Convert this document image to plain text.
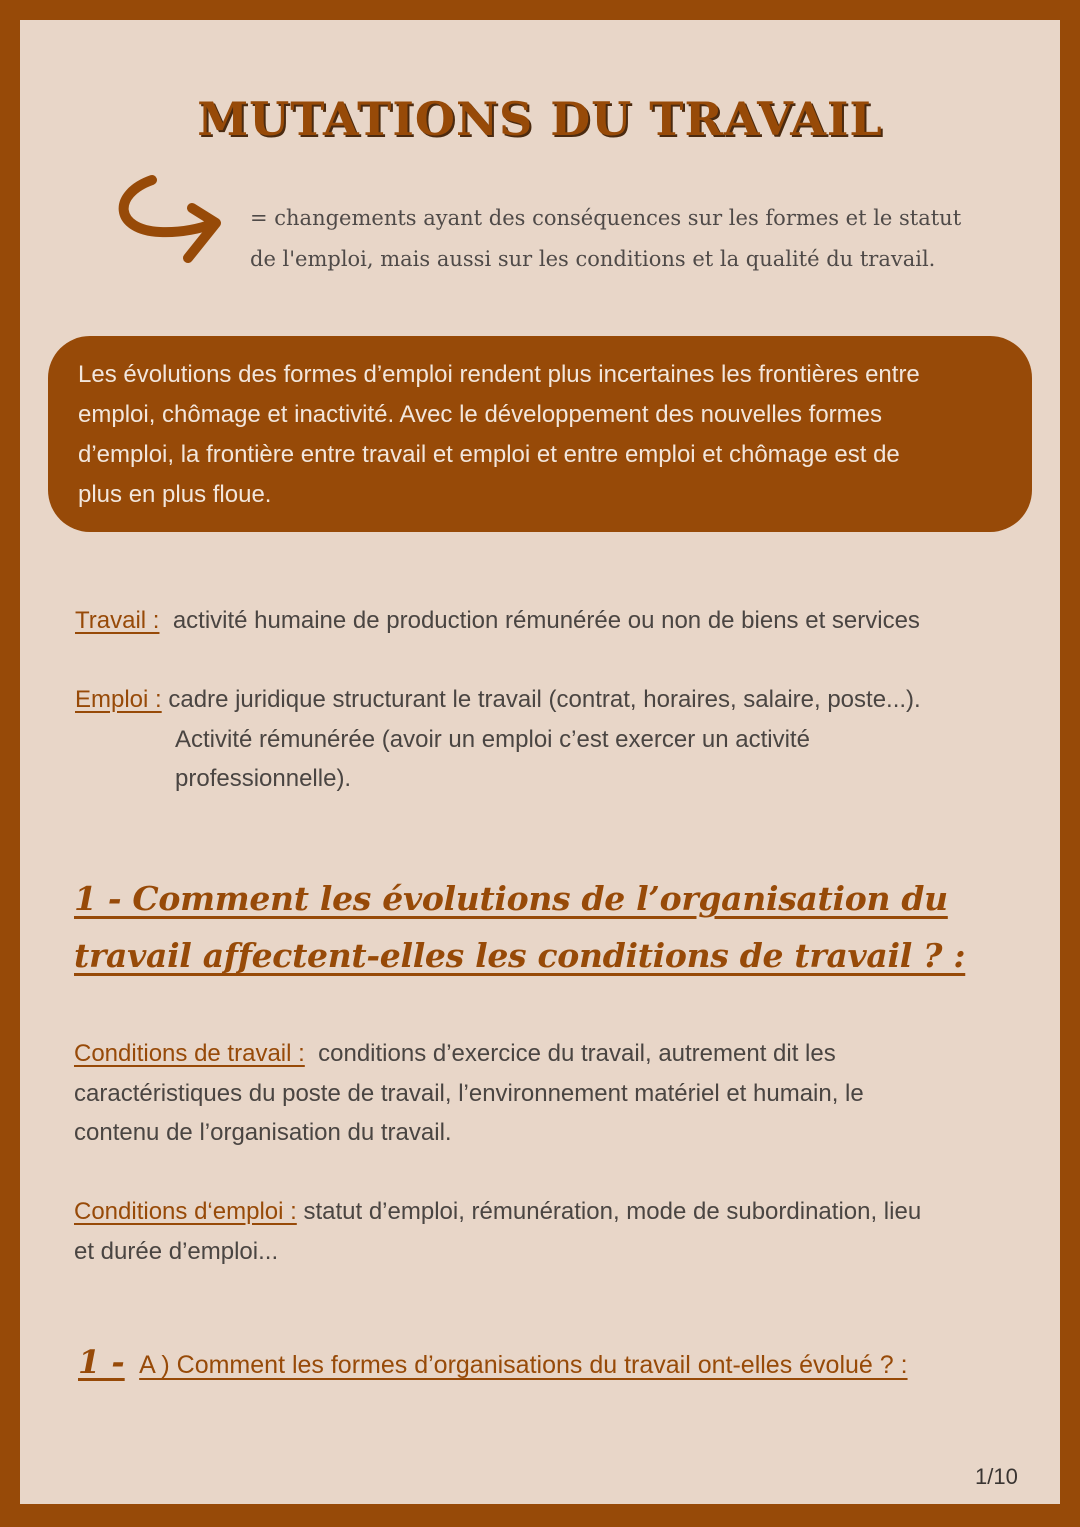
MUTATIONS DU TRAVAIL
= changements ayant des conséquences sur les formes et le statut
de l'emploi, mais aussi sur les conditions et la qualité du travail.

Les évolutions des formes d’emploi rendent plus incertaines les frontières entre

emploi, chômage et inactivité. Avec le développement des nouvelles formes

d’emploi, la frontière entre travail et emploi et entre emploi et chômage est de

plus en plus floue.

Travail : activité humaine de production rémunérée ou non de biens et services
Emploi : cadre juridique structurant le travail (contrat, horaires, salaire, poste...).
Activité rémunérée (avoir un emploi c’est exercer un activité
professionnelle).
1 - Comment les évolutions de l’organisation du
travail affectent-elles les conditions de travail ? :
Conditions de travail : conditions d’exercice du travail, autrement dit les
caractéristiques du poste de travail, l’environnement matériel et humain, le
contenu de l’organisation du travail.
Conditions d‘emploi : statut d’emploi, rémunération, mode de subordination, lieu
et durée d’emploi...
1 - A ) Comment les formes d’organisations du travail ont-elles évolué ? :
1/10
